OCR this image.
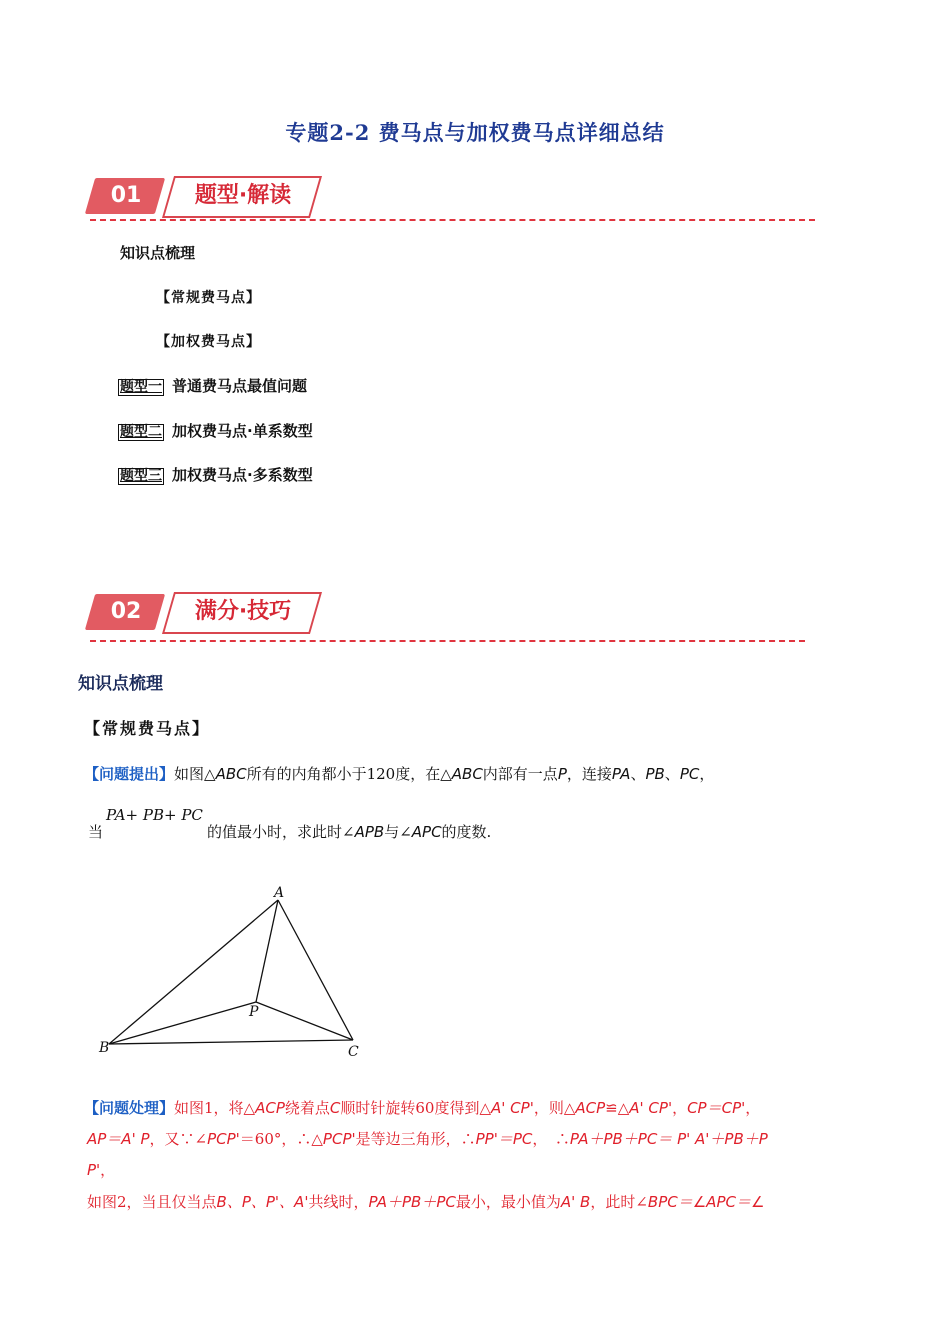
专题2-2 费马点与加权费马点详细总结
01	题型·解读
知识点梳理
【常规费马点】
【加权费马点】
题型一 普通费马点最值问题
题型二 加权费马点·单系数型
题型三 加权费马点·多系数型
02	满分·技巧
知识点梳理
【常规费马点】
【问题提出】如图△ABC所有的内角都小于120度，在△ABC内部有一点P，连接PA、PB、PC，
当
PA+ PB+ PC
的值最小时，求此时∠APB与∠APC的度数.
A
B	C
P
【问题处理】如图1，将△ACP绕着点C顺时针旋转60度得到△A' CP'，则△ACP≌△A' CP'，CP＝CP'，
AP＝A' P，又∵∠PCP'＝60°，∴△PCP'是等边三角形，∴PP'＝PC，　∴PA＋PB＋PC＝ P' A'＋PB＋P
P'，
如图2，当且仅当点B、P、P'、A'共线时，PA＋PB＋PC最小，最小值为A' B，此时∠BPC＝∠APC＝∠
